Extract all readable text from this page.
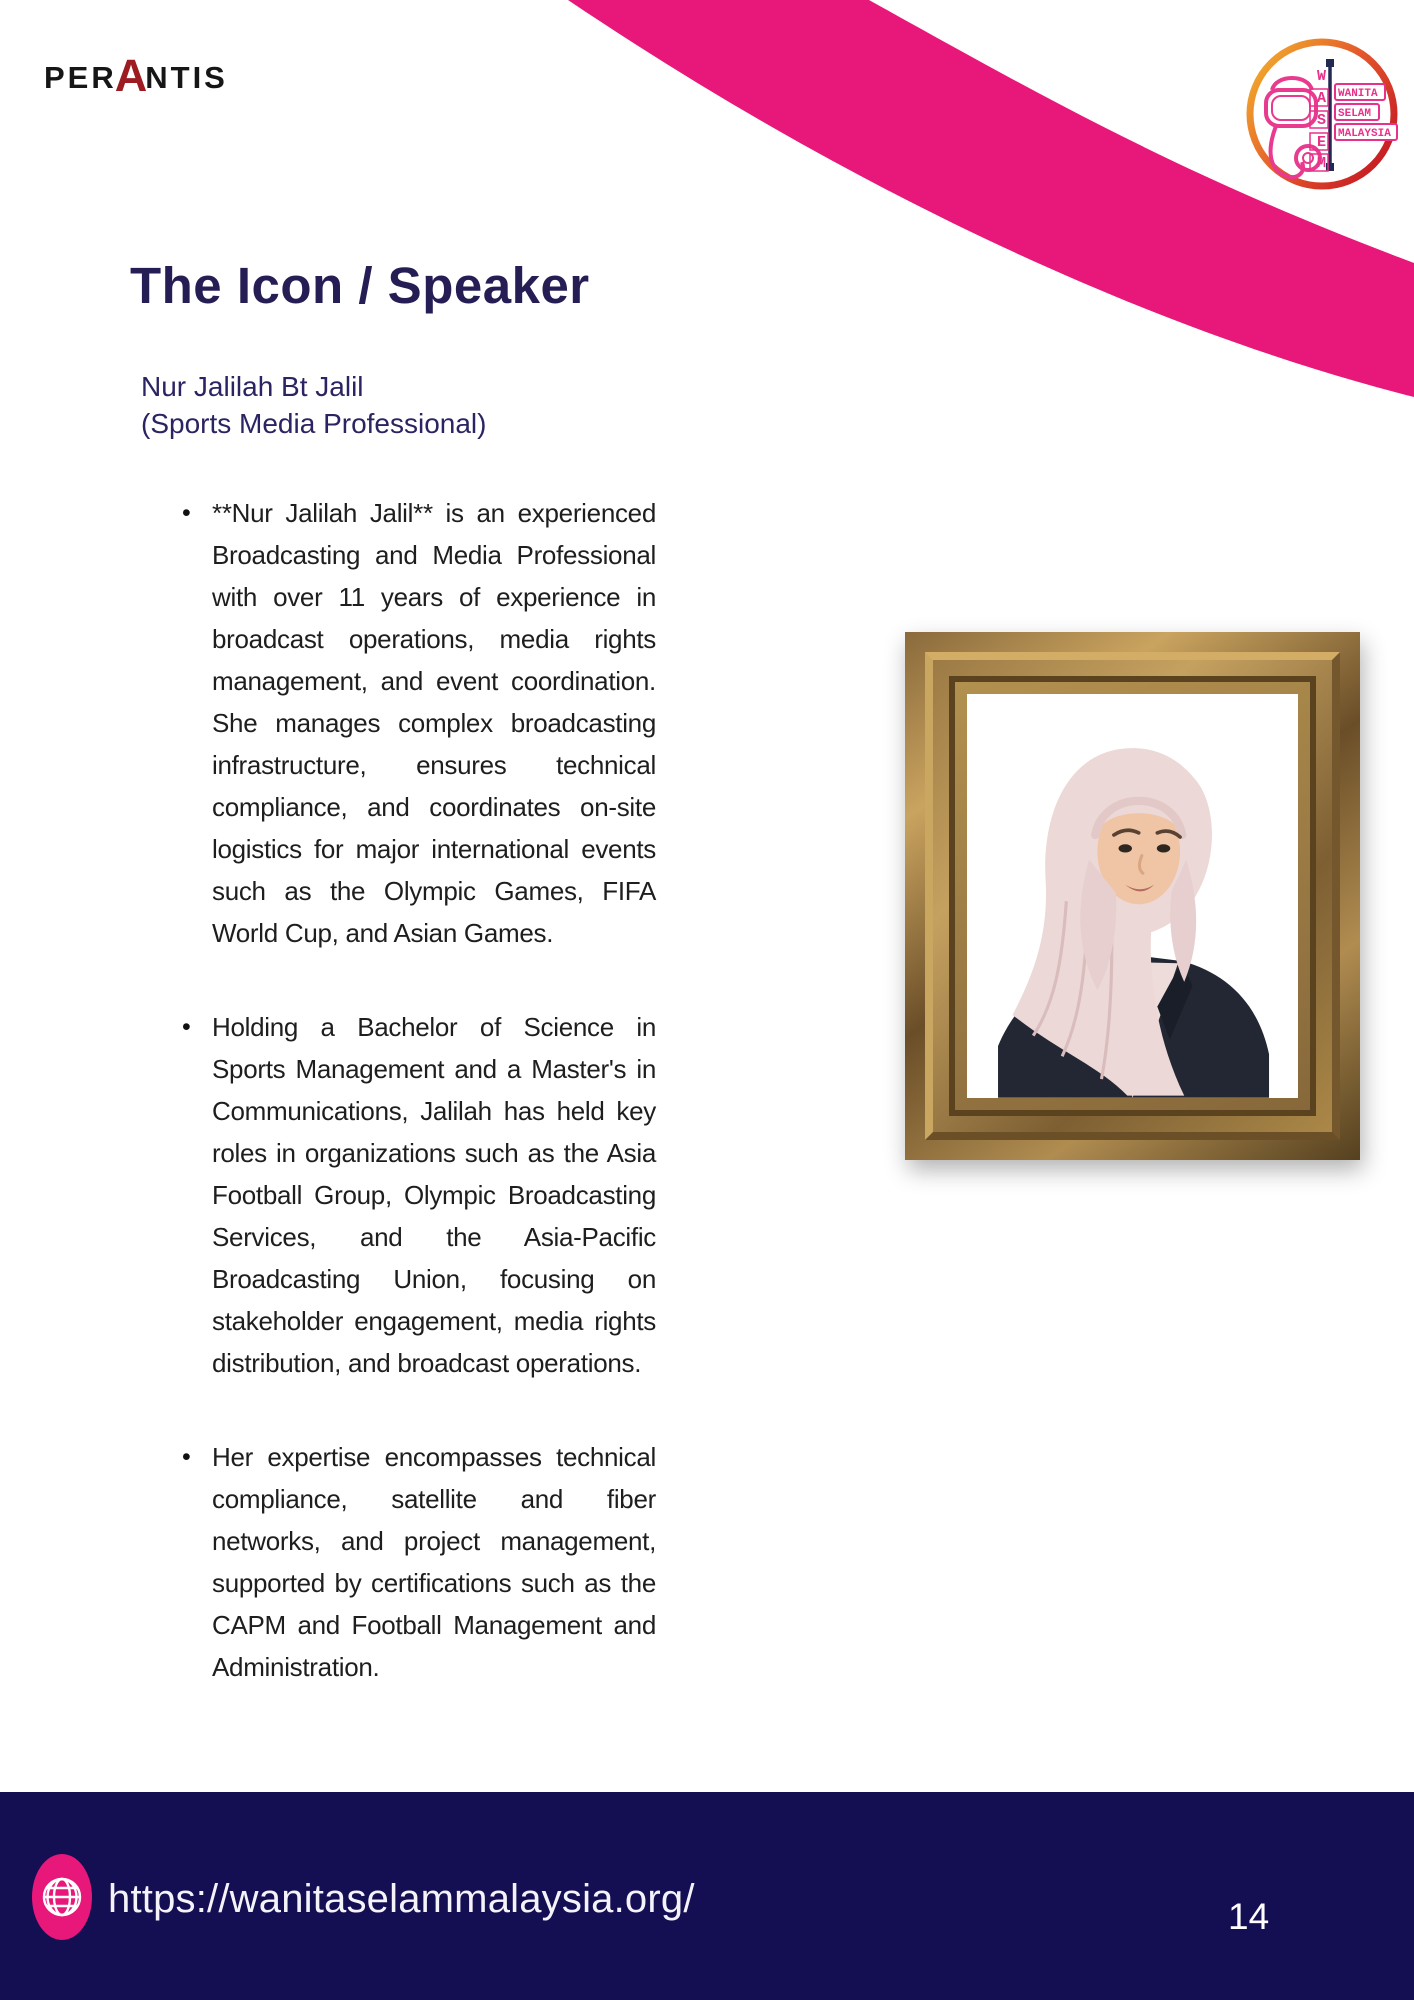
PER
A
NTIS	W
A
S
E
M
WANITA
SELAM
MALAYSIA
The Icon / Speaker
Nur Jalilah Bt Jalil
(Sports Media Professional)
• **Nur Jalilah Jalil** is an experienced Broadcasting and Media Professional with over 11 years of experience in broadcast operations, media rights management, and event coordination. She manages complex broadcasting infrastructure, ensures technical compliance, and coordinates on-site logistics for major international events such as the Olympic Games, FIFA World Cup, and Asian Games.

• Holding a Bachelor of Science in Sports Management and a Master's in Communications, Jalilah has held key roles in organizations such as the Asia Football Group, Olympic Broadcasting Services, and the Asia-Pacific Broadcasting Union, focusing on stakeholder engagement, media rights distribution, and broadcast operations.

• Her expertise encompasses technical compliance, satellite and fiber networks, and project management, supported by certifications such as the CAPM and Football Management and Administration.

https://wanitaselammalaysia.org/	14
